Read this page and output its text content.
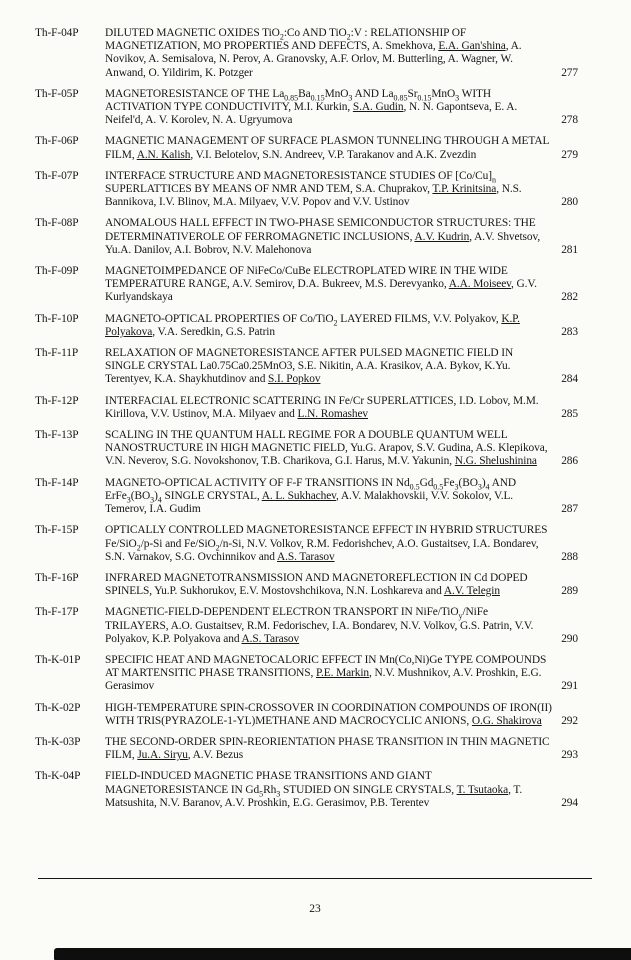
Th-F-04P	DILUTED MAGNETIC OXIDES TiO$_2$:Co AND TiO$_2$:V : RELATIONSHIP OF MAGNETIZATION, MO PROPERTIES AND DEFECTS, A. Smekhova, E.A. Gan'shina, A. Novikov, A. Semisalova, N. Perov, A. Granovsky, A.F. Orlov, M. Butterling, A. Wagner, W. Anwand, O. Yildirim, K. Potzger	277
Th-F-05P	MAGNETORESISTANCE OF THE $La_{0.85}Ba_{0.15}MnO_3$ AND $La_{0.85}Sr_{0.15}MnO_3$ WITH ACTIVATION TYPE CONDUCTIVITY, M.I. Kurkin, S.A. Gudin, N. N. Gapontseva, E. A. Neifel'd, A. V. Korolev, N. A. Ugryumova	278
Th-F-06P	MAGNETIC MANAGEMENT OF SURFACE PLASMON TUNNELING THROUGH A METAL FILM, A.N. Kalish, V.I. Belotelov, S.N. Andreev, V.P. Tarakanov and A.K. Zvezdin	279
Th-F-07P	INTERFACE STRUCTURE AND MAGNETORESISTANCE STUDIES OF $[Co/Cu]_n$ SUPERLATTICES BY MEANS OF NMR AND TEM, S.A. Chuprakov, T.P. Krinitsina, N.S. Bannikova, I.V. Blinov, M.A. Milyaev, V.V. Popov and V.V. Ustinov	280
Th-F-08P	ANOMALOUS HALL EFFECT IN TWO-PHASE SEMICONDUCTOR STRUCTURES: THE DETERMINATIVEROLE OF FERROMAGNETIC INCLUSIONS, A.V. Kudrin, A.V. Shvetsov, Yu.A. Danilov, A.I. Bobrov, N.V. Malehonova	281
Th-F-09P	MAGNETOIMPEDANCE OF NiFeCo/CuBe ELECTROPLATED WIRE IN THE WIDE TEMPERATURE RANGE, A.V. Semirov, D.A. Bukreev, M.S. Derevyanko, A.A. Moiseev, G.V. Kurlyandskaya	282
Th-F-10P	MAGNETO-OPTICAL PROPERTIES OF Co/TiO$_2$ LAYERED FILMS, V.V. Polyakov, K.P. Polyakova, V.A. Seredkin, G.S. Patrin	283
Th-F-11P	RELAXATION OF MAGNETORESISTANCE AFTER PULSED MAGNETIC FIELD IN SINGLE CRYSTAL La0.75Ca0.25MnO3, S.E. Nikitin, A.A. Krasikov, A.A. Bykov, K.Yu. Terentyev, K.A. Shaykhutdinov and S.I. Popkov	284
Th-F-12P	INTERFACIAL ELECTRONIC SCATTERING IN Fe/Cr SUPERLATTICES, I.D. Lobov, M.M. Kirillova, V.V. Ustinov, M.A. Milyaev and L.N. Romashev	285
Th-F-13P	SCALING IN THE QUANTUM HALL REGIME FOR A DOUBLE QUANTUM WELL NANOSTRUCTURE IN HIGH MAGNETIC FIELD, Yu.G. Arapov, S.V. Gudina, A.S. Klepikova, V.N. Neverov, S.G. Novokshonov, T.B. Charikova, G.I. Harus, M.V. Yakunin, N.G. Shelushinina	286
Th-F-14P	MAGNETO-OPTICAL ACTIVITY OF F-F TRANSITIONS IN $Nd_{0.5}Gd_{0.5}Fe_3(BO_3)_4$ AND $ErFe_3(BO_3)_4$ SINGLE CRYSTAL, A. L. Sukhachev, A.V. Malakhovskii, V.V. Sokolov, V.L. Temerov, I.A. Gudim	287
Th-F-15P	OPTICALLY CONTROLLED MAGNETORESISTANCE EFFECT IN HYBRID STRUCTURES Fe/SiO$_2$/p-Si and Fe/SiO$_2$/n-Si, N.V. Volkov, R.M. Fedorishchev, A.O. Gustaitsev, I.A. Bondarev, S.N. Varnakov, S.G. Ovchinnikov and A.S. Tarasov	288
Th-F-16P	INFRARED MAGNETOTRANSMISSION AND MAGNETOREFLECTION IN Cd DOPED SPINELS, Yu.P. Sukhorukov, E.V. Mostovshchikova, N.N. Loshkareva and A.V. Telegin	289
Th-F-17P	MAGNETIC-FIELD-DEPENDENT ELECTRON TRANSPORT IN NiFe/TiO$_y$/NiFe TRILAYERS, A.O. Gustaitsev, R.M. Fedorischev, I.A. Bondarev, N.V. Volkov, G.S. Patrin, V.V. Polyakov, K.P. Polyakova and A.S. Tarasov	290
Th-K-01P	SPECIFIC HEAT AND MAGNETOCALORIC EFFECT IN Mn(Co,Ni)Ge TYPE COMPOUNDS AT MARTENSITIC PHASE TRANSITIONS, P.E. Markin, N.V. Mushnikov, A.V. Proshkin, E.G. Gerasimov	291
Th-K-02P	HIGH-TEMPERATURE SPIN-CROSSOVER IN COORDINATION COMPOUNDS OF IRON(II) WITH TRIS(PYRAZOLE-1-YL)METHANE AND MACROCYCLIC ANIONS, O.G. Shakirova	292
Th-K-03P	THE SECOND-ORDER SPIN-REORIENTATION PHASE TRANSITION IN THIN MAGNETIC FILM, Ju.A. Siryu, A.V. Bezus	293
Th-K-04P	FIELD-INDUCED MAGNETIC PHASE TRANSITIONS AND GIANT MAGNETORESISTANCE IN $Gd_5Rh_3$ STUDIED ON SINGLE CRYSTALS, T. Tsutaoka, T. Matsushita, N.V. Baranov, A.V. Proshkin, E.G. Gerasimov, P.B. Terentev	294
23
